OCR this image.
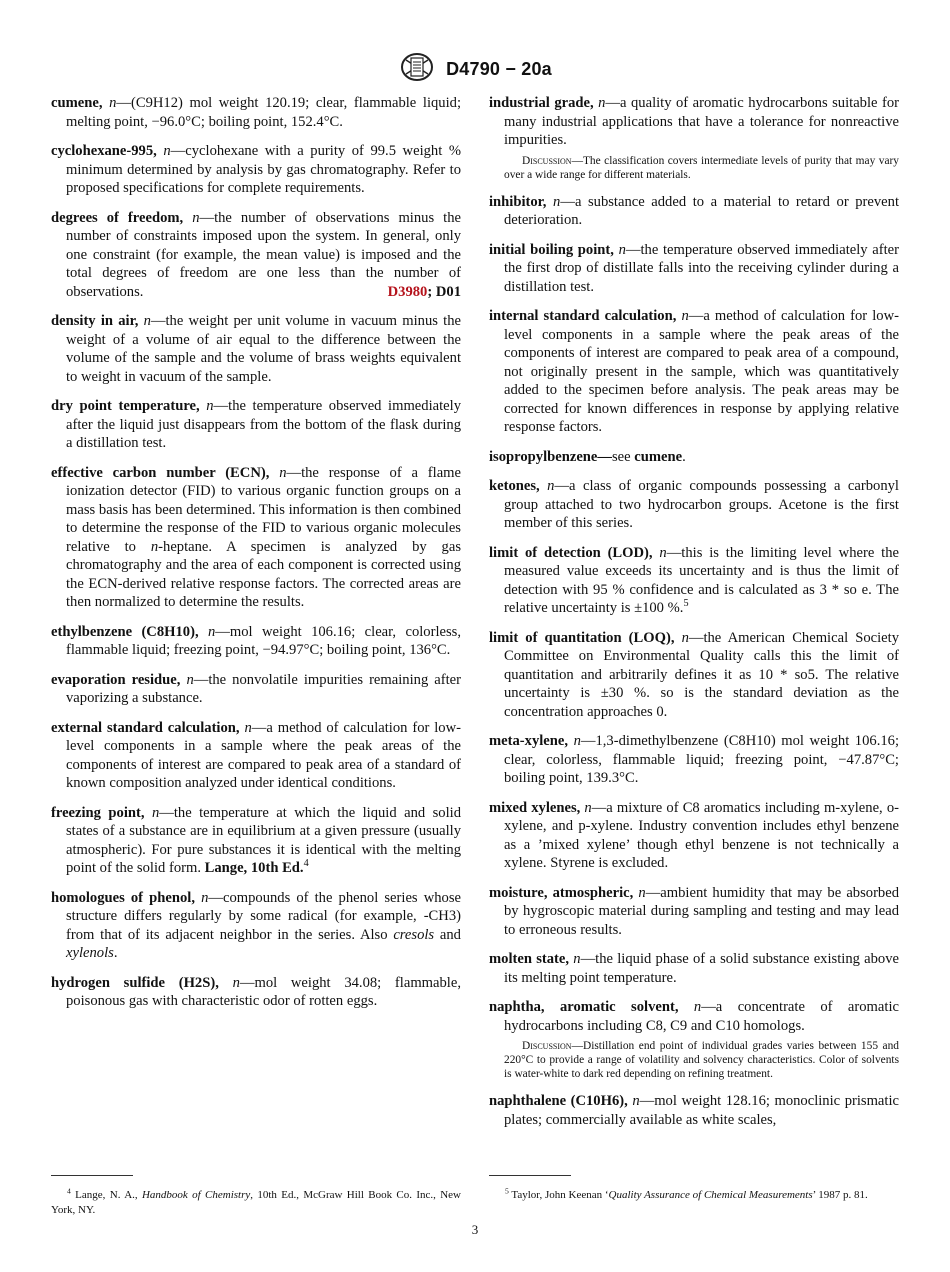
D4790 − 20a

cumene, n—(C9H12) mol weight 120.19; clear, flammable liquid; melting point, −96.0°C; boiling point, 152.4°C.

cyclohexane-995, n—cyclohexane with a purity of 99.5 weight % minimum determined by analysis by gas chromatography. Refer to proposed specifications for complete requirements.

degrees of freedom, n—the number of observations minus the number of constraints imposed upon the system. In general, only one constraint (for example, the mean value) is imposed and the total degrees of freedom are one less than the number of observations.	D3980; D01

density in air, n—the weight per unit volume in vacuum minus the weight of a volume of air equal to the difference between the volume of the sample and the volume of brass weights equivalent to weight in vacuum of the sample.

dry point temperature, n—the temperature observed immediately after the liquid just disappears from the bottom of the flask during a distillation test.

effective carbon number (ECN), n—the response of a flame ionization detector (FID) to various organic function groups on a mass basis has been determined. This information is then combined to determine the response of the FID to various organic molecules relative to n-heptane. A specimen is analyzed by gas chromatography and the area of each component is corrected using the ECN-derived relative response factors. The corrected areas are then normalized to determine the results.

ethylbenzene (C8H10), n—mol weight 106.16; clear, colorless, flammable liquid; freezing point, −94.97°C; boiling point, 136°C.

evaporation residue, n—the nonvolatile impurities remaining after vaporizing a substance.

external standard calculation, n—a method of calculation for low-level components in a sample where the peak areas of the components of interest are compared to peak area of a standard of known composition analyzed under identical conditions.

freezing point, n—the temperature at which the liquid and solid states of a substance are in equilibrium at a given pressure (usually atmospheric). For pure substances it is identical with the melting point of the solid form. Lange, 10th Ed.$^4$

homologues of phenol, n—compounds of the phenol series whose structure differs regularly by some radical (for example, -CH3) from that of its adjacent neighbor in the series. Also cresols and xylenols.

hydrogen sulfide (H2S), n—mol weight 34.08; flammable, poisonous gas with characteristic odor of rotten eggs.

industrial grade, n—a quality of aromatic hydrocarbons suitable for many industrial applications that have a tolerance for nonreactive impurities.

Discussion—The classification covers intermediate levels of purity that may vary over a wide range for different materials.

inhibitor, n—a substance added to a material to retard or prevent deterioration.

initial boiling point, n—the temperature observed immediately after the first drop of distillate falls into the receiving cylinder during a distillation test.

internal standard calculation, n—a method of calculation for low-level components in a sample where the peak areas of the components of interest are compared to peak area of a compound, not originally present in the sample, which was quantitatively added to the specimen before analysis. The peak areas may be corrected for known differences in response by applying relative response factors.

isopropylbenzene—see cumene.

ketones, n—a class of organic compounds possessing a carbonyl group attached to two hydrocarbon groups. Acetone is the first member of this series.

limit of detection (LOD), n—this is the limiting level where the measured value exceeds its uncertainty and is thus the limit of detection with 95 % confidence and is calculated as 3 * so e. The relative uncertainty is ±100 %.$^5$

limit of quantitation (LOQ), n—the American Chemical Society Committee on Environmental Quality calls this the limit of quantitation and arbitrarily defines it as 10 * so5. The relative uncertainty is ±30 %. so is the standard deviation as the concentration approaches 0.

meta-xylene, n—1,3-dimethylbenzene (C8H10) mol weight 106.16; clear, colorless, flammable liquid; freezing point, −47.87°C; boiling point, 139.3°C.

mixed xylenes, n—a mixture of C8 aromatics including m-xylene, o-xylene, and p-xylene. Industry convention includes ethyl benzene as a ’mixed xylene’ though ethyl benzene is not technically a xylene. Styrene is excluded.

moisture, atmospheric, n—ambient humidity that may be absorbed by hygroscopic material during sampling and testing and may lead to erroneous results.

molten state, n—the liquid phase of a solid substance existing above its melting point temperature.

naphtha, aromatic solvent, n—a concentrate of aromatic hydrocarbons including C8, C9 and C10 homologs.

Discussion—Distillation end point of individual grades varies between 155 and 220°C to provide a range of volatility and solvency characteristics. Color of solvents is water-white to dark red depending on refining treatment.

naphthalene (C10H6), n—mol weight 128.16; monoclinic prismatic plates; commercially available as white scales,

$^4$ Lange, N. A., Handbook of Chemistry, 10th Ed., McGraw Hill Book Co. Inc., New York, NY.
$^5$ Taylor, John Keenan ‘Quality Assurance of Chemical Measurements’ 1987 p. 81.
3
